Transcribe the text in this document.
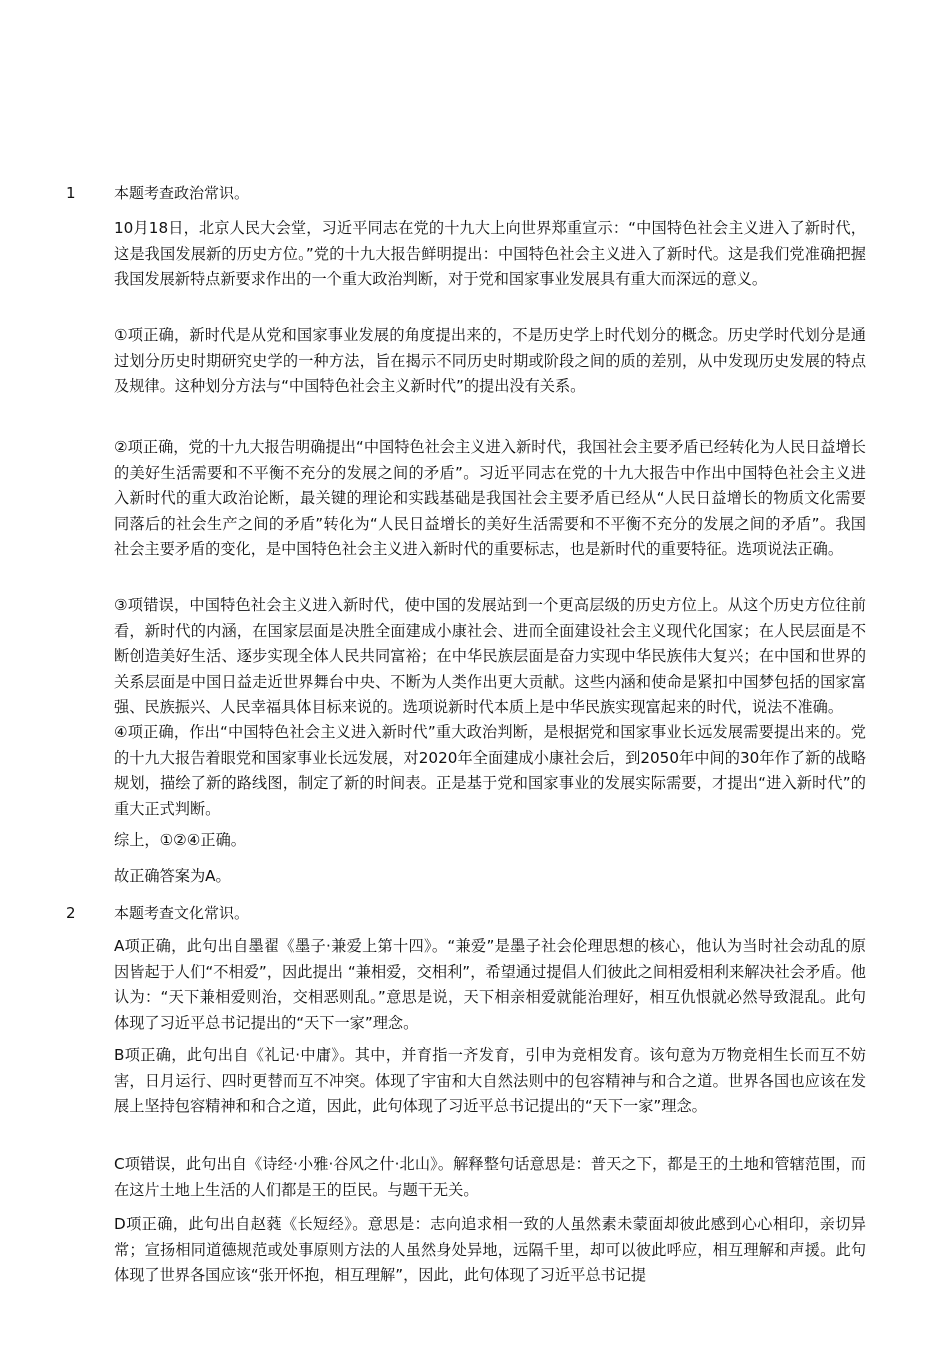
1	本题考查政治常识。
10月18日，北京人民大会堂，习近平同志在党的十九大上向世界郑重宣示：“中国特色社会主义进入了新时代，这是我国发展新的历史方位。”党的十九大报告鲜明提出：中国特色社会主义进入了新时代。这是我们党准确把握我国发展新特点新要求作出的一个重大政治判断，对于党和国家事业发展具有重大而深远的意义。
①项正确，新时代是从党和国家事业发展的角度提出来的，不是历史学上时代划分的概念。历史学时代划分是通过划分历史时期研究史学的一种方法，旨在揭示不同历史时期或阶段之间的质的差别，从中发现历史发展的特点及规律。这种划分方法与“中国特色社会主义新时代”的提出没有关系。
②项正确，党的十九大报告明确提出“中国特色社会主义进入新时代，我国社会主要矛盾已经转化为人民日益增长的美好生活需要和不平衡不充分的发展之间的矛盾”。习近平同志在党的十九大报告中作出中国特色社会主义进入新时代的重大政治论断，最关键的理论和实践基础是我国社会主要矛盾已经从“人民日益增长的物质文化需要同落后的社会生产之间的矛盾”转化为“人民日益增长的美好生活需要和不平衡不充分的发展之间的矛盾”。我国社会主要矛盾的变化，是中国特色社会主义进入新时代的重要标志，也是新时代的重要特征。选项说法正确。
③项错误，中国特色社会主义进入新时代，使中国的发展站到一个更高层级的历史方位上。从这个历史方位往前看，新时代的内涵，在国家层面是决胜全面建成小康社会、进而全面建设社会主义现代化国家；在人民层面是不断创造美好生活、逐步实现全体人民共同富裕；在中华民族层面是奋力实现中华民族伟大复兴；在中国和世界的关系层面是中国日益走近世界舞台中央、不断为人类作出更大贡献。这些内涵和使命是紧扣中国梦包括的国家富强、民族振兴、人民幸福具体目标来说的。选项说新时代本质上是中华民族实现富起来的时代，说法不准确。
④项正确，作出“中国特色社会主义进入新时代”重大政治判断，是根据党和国家事业长远发展需要提出来的。党的十九大报告着眼党和国家事业长远发展，对2020年全面建成小康社会后，到2050年中间的30年作了新的战略规划，描绘了新的路线图，制定了新的时间表。正是基于党和国家事业的发展实际需要，才提出“进入新时代”的重大正式判断。
综上，①②④正确。
故正确答案为A。
2	本题考查文化常识。
A项正确，此句出自墨翟《墨子·兼爱上第十四》。“兼爱”是墨子社会伦理思想的核心，他认为当时社会动乱的原因皆起于人们“不相爱”，因此提出 “兼相爱，交相利”，希望通过提倡人们彼此之间相爱相利来解决社会矛盾。他认为：“天下兼相爱则治，交相恶则乱。”意思是说，天下相亲相爱就能治理好，相互仇恨就必然导致混乱。此句体现了习近平总书记提出的“天下一家”理念。
B项正确，此句出自《礼记·中庸》。其中，并育指一齐发育，引申为竞相发育。该句意为万物竞相生长而互不妨害，日月运行、四时更替而互不冲突。体现了宇宙和大自然法则中的包容精神与和合之道。世界各国也应该在发展上坚持包容精神和和合之道，因此，此句体现了习近平总书记提出的“天下一家”理念。
C项错误，此句出自《诗经·小雅·谷风之什·北山》。解释整句话意思是：普天之下，都是王的土地和管辖范围，而在这片土地上生活的人们都是王的臣民。与题干无关。
D项正确，此句出自赵蕤《长短经》。意思是：志向追求相一致的人虽然素未蒙面却彼此感到心心相印，亲切异常；宣扬相同道德规范或处事原则方法的人虽然身处异地，远隔千里，却可以彼此呼应，相互理解和声援。此句体现了世界各国应该“张开怀抱，相互理解”，因此，此句体现了习近平总书记提
